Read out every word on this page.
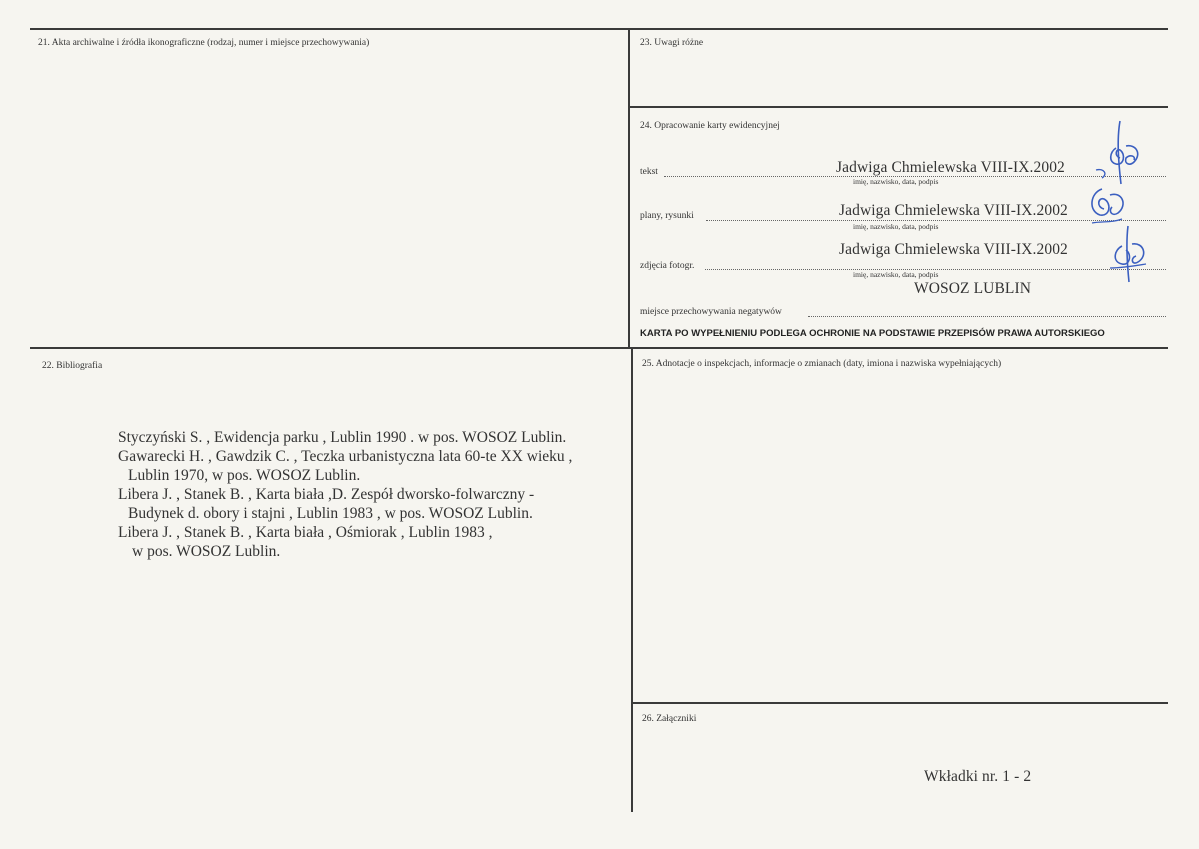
21. Akta archiwalne i źródła ikonograficzne (rodzaj, numer i miejsce przechowywania)
22. Bibliografia
23. Uwagi różne
24. Opracowanie karty ewidencyjnej
25. Adnotacje o inspekcjach, informacje o zmianach (daty, imiona i nazwiska wypełniających)
26. Załączniki
tekst	Jadwiga Chmielewska VIII-IX.2002
imię, nazwisko, data, podpis
plany, rysunki	Jadwiga Chmielewska VIII-IX.2002
imię, nazwisko, data, podpis
zdjęcia fotogr.
Jadwiga Chmielewska VIII-IX.2002
imię, nazwisko, data, podpis
WOSOZ LUBLIN
miejsce przechowywania negatywów
KARTA PO WYPEŁNIENIU PODLEGA OCHRONIE NA PODSTAWIE PRZEPISÓW PRAWA AUTORSKIEGO
Styczyński S. , Ewidencja parku , Lublin 1990 . w pos. WOSOZ Lublin.
Gawarecki H. , Gawdzik C. , Teczka urbanistyczna lata 60-te XX wieku ,
Lublin 1970, w pos. WOSOZ Lublin.
Libera J. , Stanek B. , Karta biała ,D. Zespół dworsko-folwarczny -
Budynek d. obory i stajni , Lublin 1983 , w pos. WOSOZ Lublin.
Libera J. , Stanek B. , Karta biała , Ośmiorak , Lublin 1983 ,
w pos. WOSOZ Lublin.
Wkładki nr. 1 - 2
